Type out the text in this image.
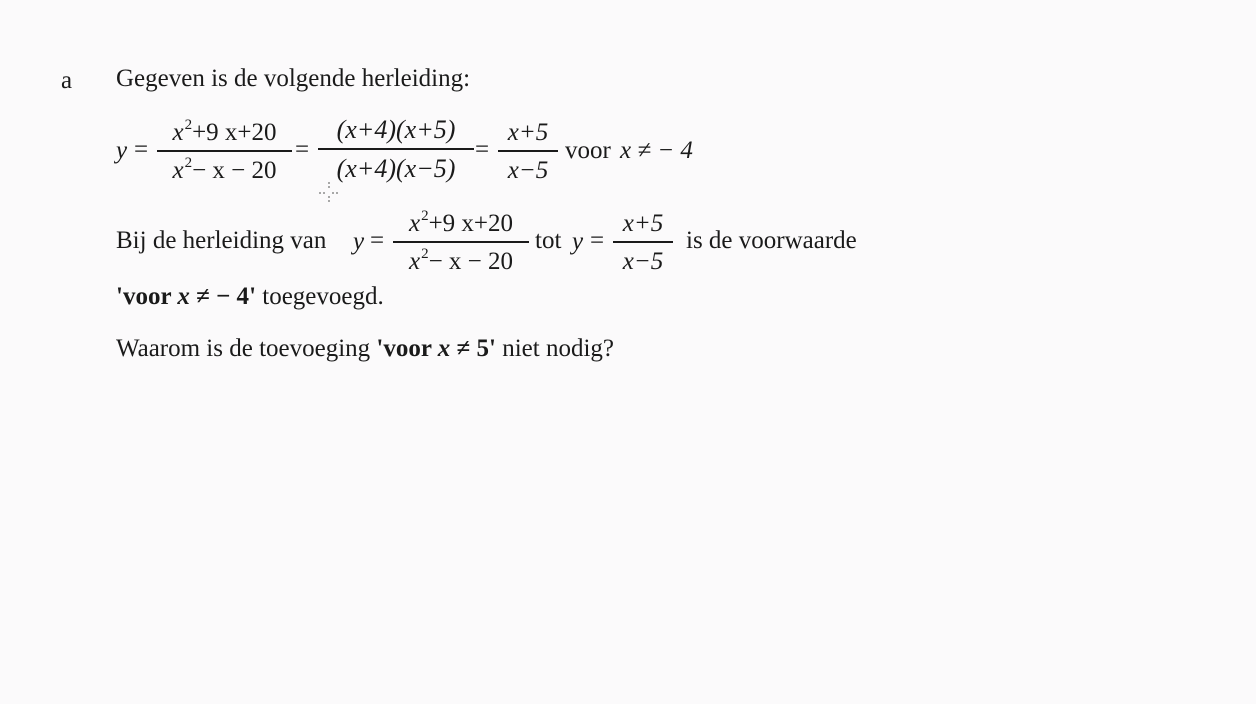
a Gegeven is de volgende herleiding:
y =
$x^2+9$ x+20
$x^2- x - 20$
=
(x+4)(x+5)
(x+4)(x−5)
=
x+5
x−5
voor x ≠ − 4
Bij de herleiding van y =
$x^2+9$ x+20
$x^2- x - 20$
tot y =
x+5
x−5
is de voorwaarde
'voor x ≠ − 4' toegevoegd.
Waarom is de toevoeging 'voor x ≠ 5' niet nodig?
